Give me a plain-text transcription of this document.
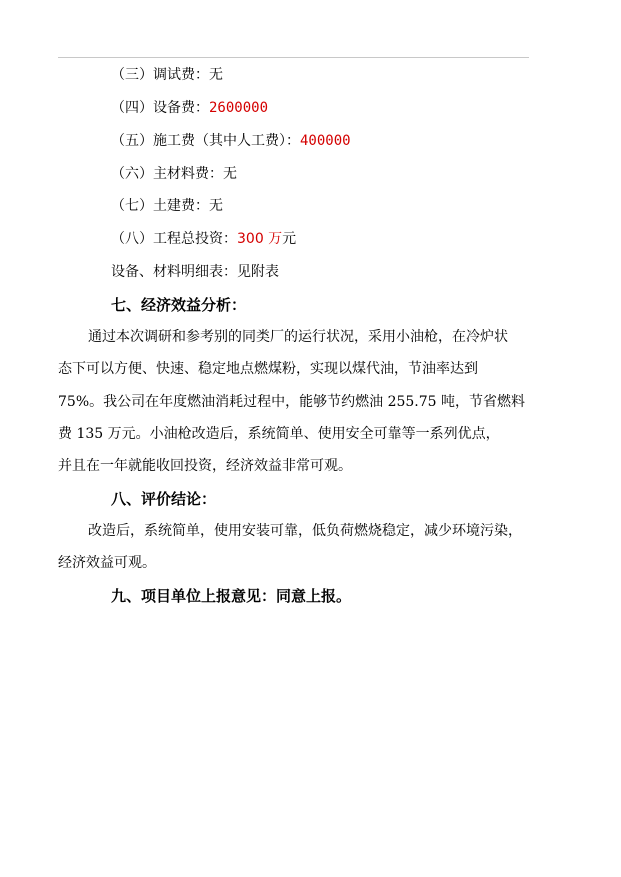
（三）调试费：无
（四）设备费：2600000
（五）施工费（其中人工费）：400000
（六）主材料费：无
（七）土建费：无
（八）工程总投资：300 万元
设备、材料明细表：见附表
七、经济效益分析：
通过本次调研和参考别的同类厂的运行状况，采用小油枪，在冷炉状
态下可以方便、快速、稳定地点燃煤粉，实现以煤代油，节油率达到
75%。我公司在年度燃油消耗过程中，能够节约燃油 255.75 吨，节省燃料
费 135 万元。小油枪改造后，系统简单、使用安全可靠等一系列优点，
并且在一年就能收回投资，经济效益非常可观。
八、评价结论：
改造后，系统简单，使用安装可靠，低负荷燃烧稳定，减少环境污染，
经济效益可观。
九、项目单位上报意见：同意上报。
